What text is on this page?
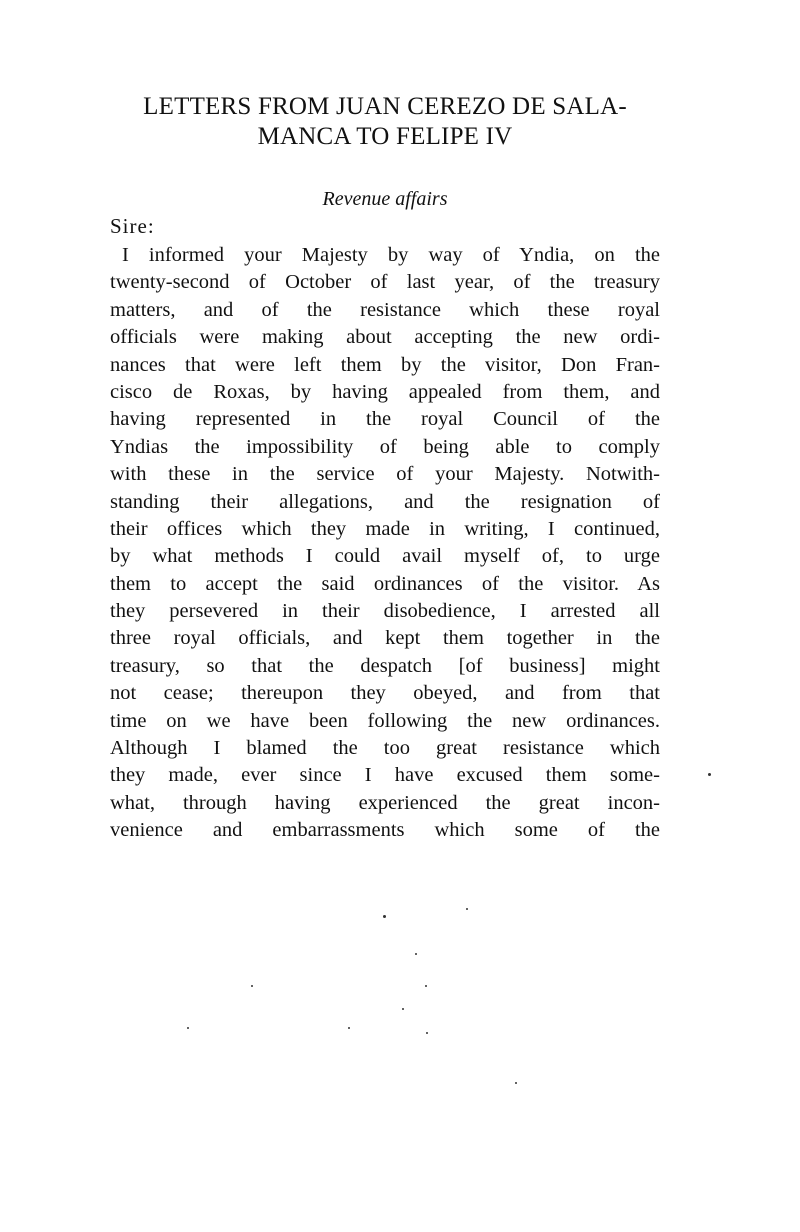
LETTERS FROM JUAN CEREZO DE SALA-
MANCA TO FELIPE IV
Revenue affairs
Sire:
I informed your Majesty by way of Yndia, on the
twenty-second of October of last year, of the treasury
matters, and of the resistance which these royal
officials were making about accepting the new ordi-
nances that were left them by the visitor, Don Fran-
cisco de Roxas, by having appealed from them, and
having represented in the royal Council of the
Yndias the impossibility of being able to comply
with these in the service of your Majesty. Notwith-
standing their allegations, and the resignation of
their offices which they made in writing, I continued,
by what methods I could avail myself of, to urge
them to accept the said ordinances of the visitor. As
they persevered in their disobedience, I arrested all
three royal officials, and kept them together in the
treasury, so that the despatch [of business] might
not cease; thereupon they obeyed, and from that
time on we have been following the new ordinances.
Although I blamed the too great resistance which
they made, ever since I have excused them some-
what, through having experienced the great incon-
venience and embarrassments which some of the
